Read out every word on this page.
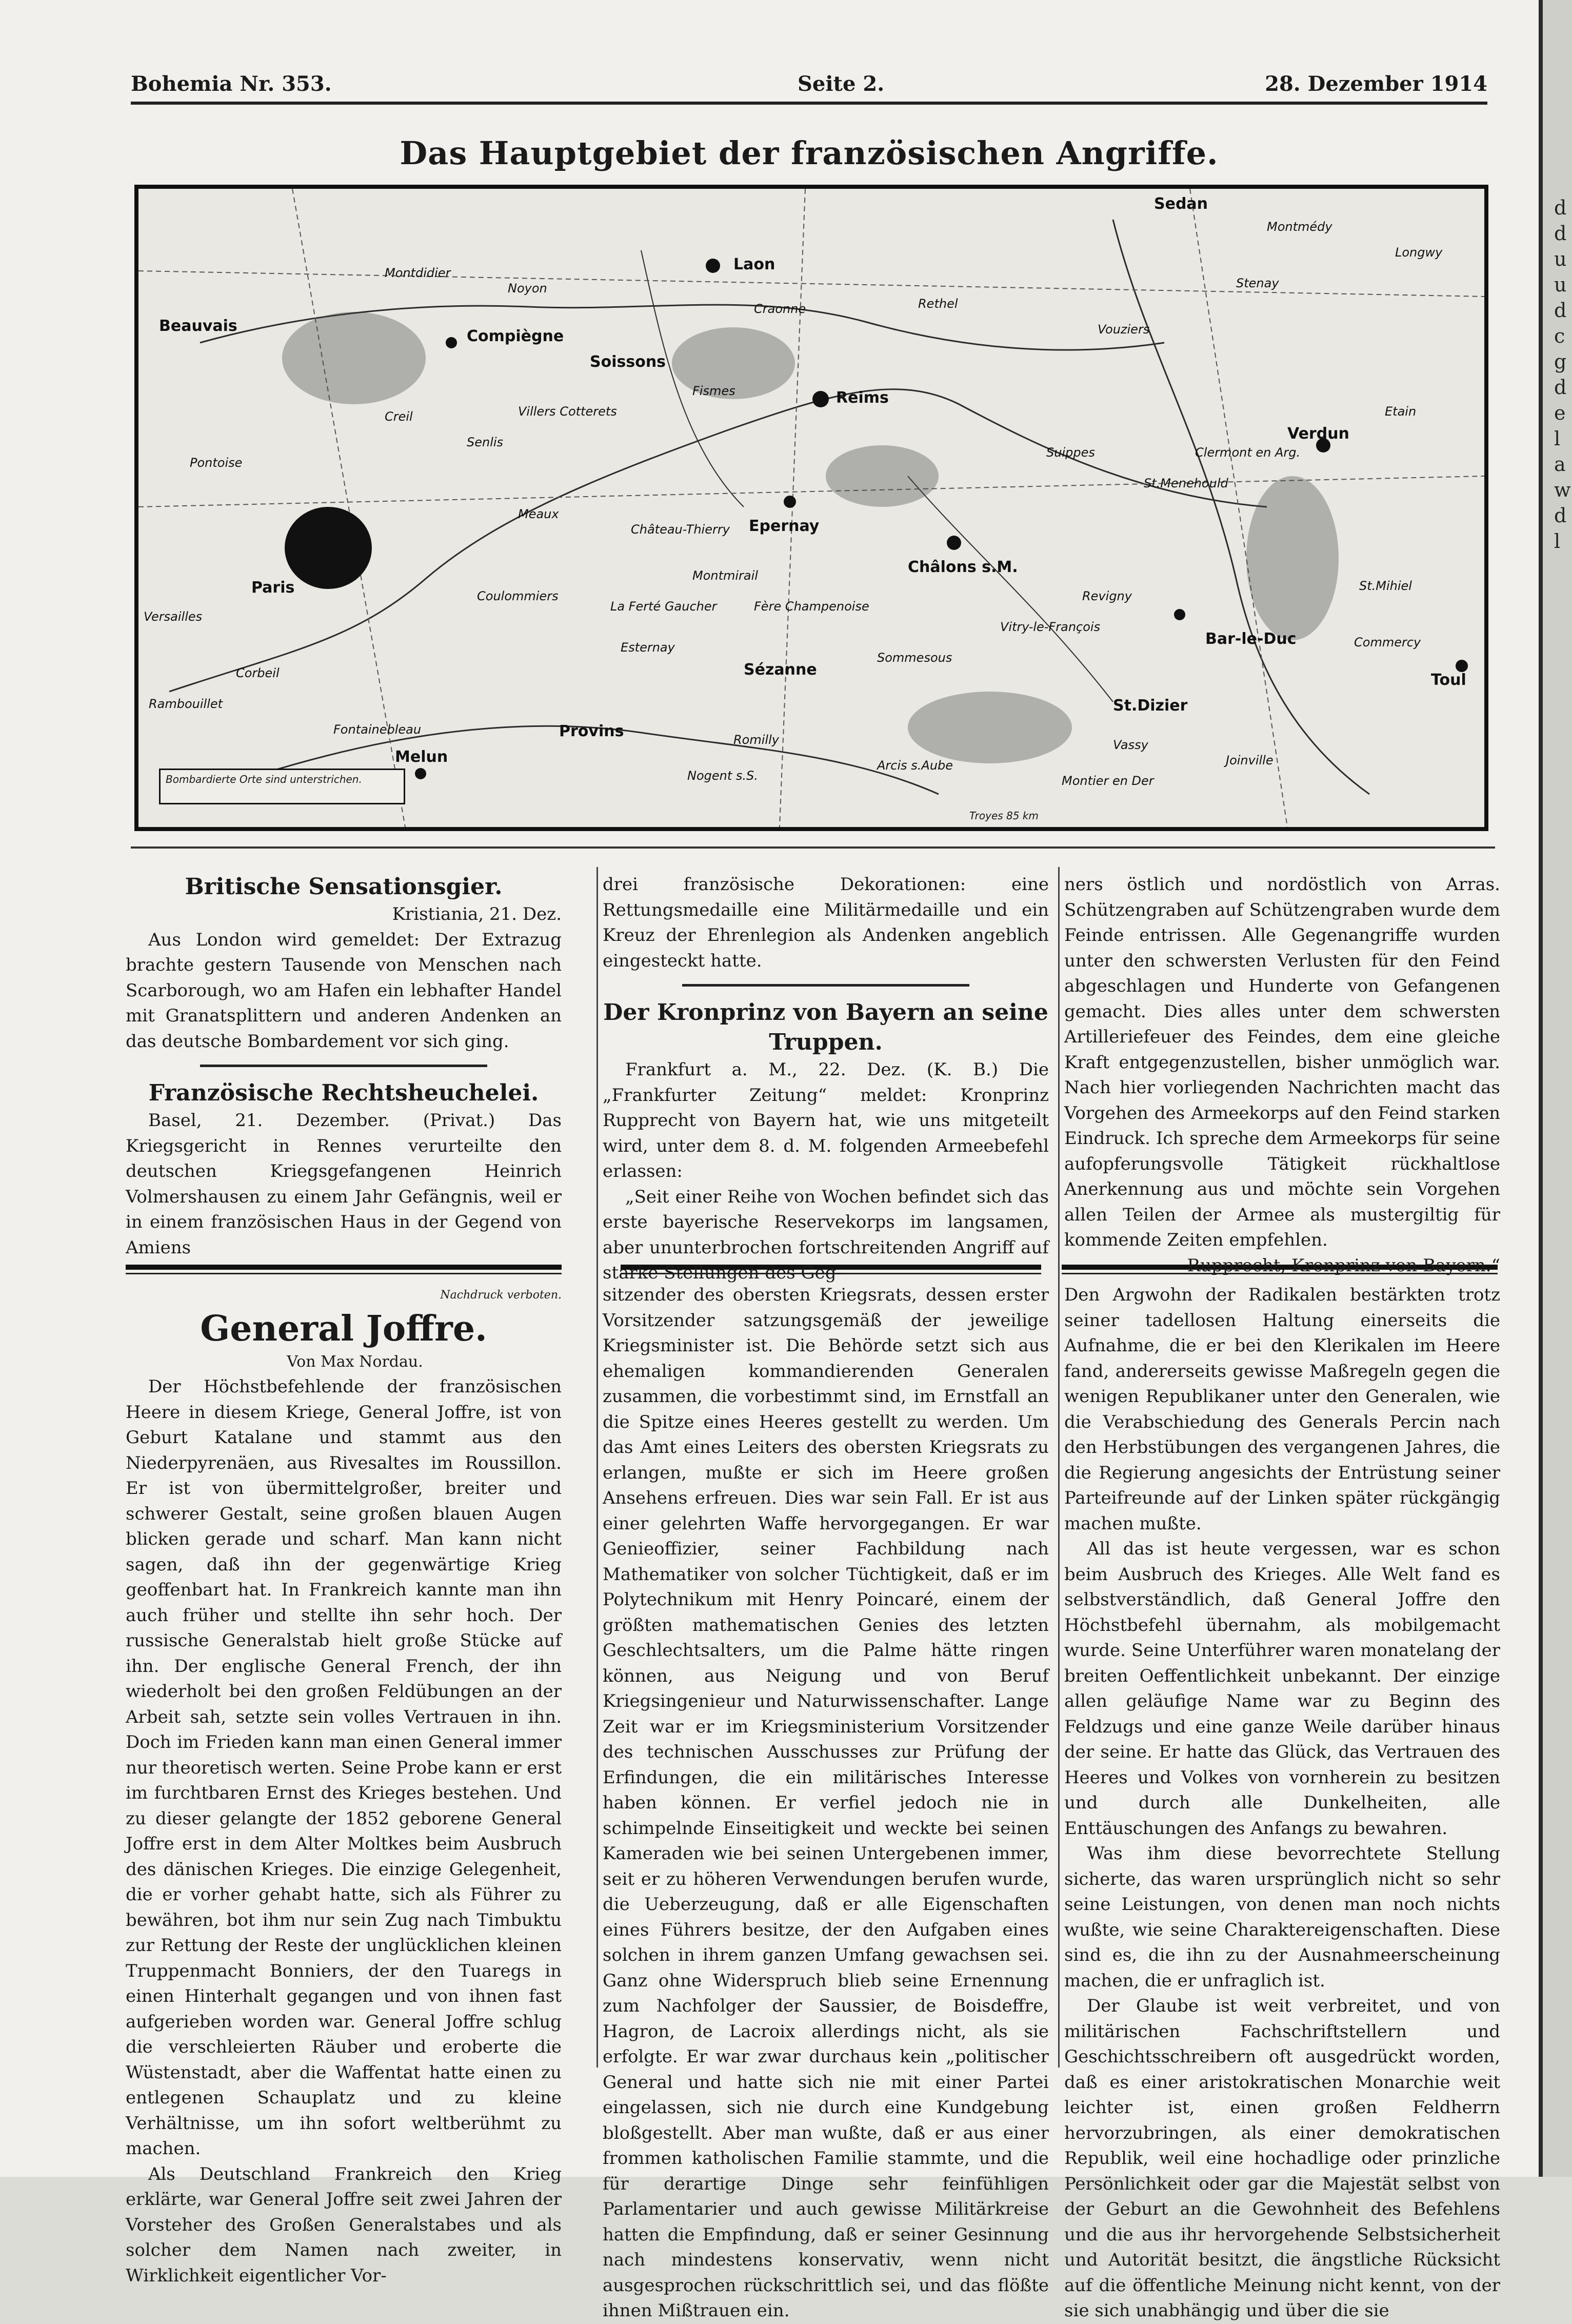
Bohemia Nr. 353.	Seite 2.	28. Dezember 1914
Das Hauptgebiet der französischen Angriffe.
Sedan
Montmédy
Longwy
Stenay
Laon
Rethel
Vouziers
Craonne
Montdidier
Noyon
Beauvais
Compiègne
Soissons
Fismes	Reims
Villers Cotterets
Creil
Senlis
Pontoise
Suippes
St.Menehould
Clermont en Arg.
Verdun
Etain
Meaux
Château-Thierry Epernay
Châlons s.M.
St.Mihiel
Paris
Versailles
Coulommiers
La Ferté Gaucher
Montmirail
Fère Champenoise
Vitry-le-François
Revigny
Bar-le-Duc	Commercy
Toul
Esternay
Sézanne
Sommesous
Corbeil
Rambouillet
Melun
Fontainebleau	Provins	Romilly
Nogent s.S.
Arcis s.Aube
St.Dizier
Vassy
Montier en Der
Joinville
Bombardierte Orte sind unterstrichen.
Troyes 85 km
Britische Sensationsgier.

Kristiania, 21. Dez.

Aus London wird gemeldet: Der Extrazug brachte gestern Tausende von Menschen nach Scarborough, wo am Hafen ein lebhafter Handel mit Granatsplittern und anderen Andenken an das deutsche Bombardement vor sich ging.

Französische Rechtsheuchelei.

Basel, 21. Dezember. (Privat.) Das Kriegsgericht in Rennes verurteilte den deutschen Kriegsgefangenen Heinrich Volmershausen zu einem Jahr Gefängnis, weil er in einem französischen Haus in der Gegend von Amiens

Nachdruck verboten.

General Joffre.

Von Max Nordau.

Der Höchstbefehlende der französischen Heere in diesem Kriege, General Joffre, ist von Geburt Katalane und stammt aus den Niederpyrenäen, aus Rivesaltes im Roussillon. Er ist von übermittelgroßer, breiter und schwerer Gestalt, seine großen blauen Augen blicken gerade und scharf. Man kann nicht sagen, daß ihn der gegenwärtige Krieg geoffenbart hat. In Frankreich kannte man ihn auch früher und stellte ihn sehr hoch. Der russische Generalstab hielt große Stücke auf ihn. Der englische General French, der ihn wiederholt bei den großen Feldübungen an der Arbeit sah, setzte sein volles Vertrauen in ihn. Doch im Frieden kann man einen General immer nur theoretisch werten. Seine Probe kann er erst im furchtbaren Ernst des Krieges bestehen. Und zu dieser gelangte der 1852 geborene General Joffre erst in dem Alter Moltkes beim Ausbruch des dänischen Krieges. Die einzige Gelegenheit, die er vorher gehabt hatte, sich als Führer zu bewähren, bot ihm nur sein Zug nach Timbuktu zur Rettung der Reste der unglücklichen kleinen Truppenmacht Bonniers, der den Tuaregs in einen Hinterhalt gegangen und von ihnen fast aufgerieben worden war. General Joffre schlug die verschleierten Räuber und eroberte die Wüstenstadt, aber die Waffentat hatte einen zu entlegenen Schauplatz und zu kleine Verhältnisse, um ihn sofort weltberühmt zu machen.

Als Deutschland Frankreich den Krieg erklärte, war General Joffre seit zwei Jahren der Vorsteher des Großen Generalstabes und als solcher dem Namen nach zweiter, in Wirklichkeit eigentlicher Vor-

drei französische Dekorationen: eine Rettungsmedaille eine Militärmedaille und ein Kreuz der Ehrenlegion als Andenken angeblich eingesteckt hatte.

Der Kronprinz von Bayern an seine Truppen.

Frankfurt a. M., 22. Dez. (K. B.) Die „Frankfurter Zeitung“ meldet: Kronprinz Rupprecht von Bayern hat, wie uns mitgeteilt wird, unter dem 8. d. M. folgenden Armeebefehl erlassen:

„Seit einer Reihe von Wochen befindet sich das erste bayerische Reservekorps im langsamen, aber ununterbrochen fortschreitenden Angriff auf starke Stellungen des Geg-

sitzender des obersten Kriegsrats, dessen erster Vorsitzender satzungsgemäß der jeweilige Kriegsminister ist. Die Behörde setzt sich aus ehemaligen kommandierenden Generalen zusammen, die vorbestimmt sind, im Ernstfall an die Spitze eines Heeres gestellt zu werden. Um das Amt eines Leiters des obersten Kriegsrats zu erlangen, mußte er sich im Heere großen Ansehens erfreuen. Dies war sein Fall. Er ist aus einer gelehrten Waffe hervorgegangen. Er war Genieoffizier, seiner Fachbildung nach Mathematiker von solcher Tüchtigkeit, daß er im Polytechnikum mit Henry Poincaré, einem der größten mathematischen Genies des letzten Geschlechtsalters, um die Palme hätte ringen können, aus Neigung und von Beruf Kriegsingenieur und Naturwissenschafter. Lange Zeit war er im Kriegsministerium Vorsitzender des technischen Ausschusses zur Prüfung der Erfindungen, die ein militärisches Interesse haben können. Er verfiel jedoch nie in schimpelnde Einseitigkeit und weckte bei seinen Kameraden wie bei seinen Untergebenen immer, seit er zu höheren Verwendungen berufen wurde, die Ueberzeugung, daß er alle Eigenschaften eines Führers besitze, der den Aufgaben eines solchen in ihrem ganzen Umfang gewachsen sei. Ganz ohne Widerspruch blieb seine Ernennung zum Nachfolger der Saussier, de Boisdeffre, Hagron, de Lacroix allerdings nicht, als sie erfolgte. Er war zwar durchaus kein „politischer General und hatte sich nie mit einer Partei eingelassen, sich nie durch eine Kundgebung bloßgestellt. Aber man wußte, daß er aus einer frommen katholischen Familie stammte, und die für derartige Dinge sehr feinfühligen Parlamentarier und auch gewisse Militärkreise hatten die Empfindung, daß er seiner Gesinnung nach mindestens konservativ, wenn nicht ausgesprochen rückschrittlich sei, und das flößte ihnen Mißtrauen ein.

ners östlich und nordöstlich von Arras. Schützengraben auf Schützengraben wurde dem Feinde entrissen. Alle Gegenangriffe wurden unter den schwersten Verlusten für den Feind abgeschlagen und Hunderte von Gefangenen gemacht. Dies alles unter dem schwersten Artilleriefeuer des Feindes, dem eine gleiche Kraft entgegenzustellen, bisher unmöglich war. Nach hier vorliegenden Nachrichten macht das Vorgehen des Armeekorps auf den Feind starken Eindruck. Ich spreche dem Armeekorps für seine aufopferungsvolle Tätigkeit rückhaltlose Anerkennung aus und möchte sein Vorgehen allen Teilen der Armee als mustergiltig für kommende Zeiten empfehlen.

Rupprecht, Kronprinz von Bayern.“

Den Argwohn der Radikalen bestärkten trotz seiner tadellosen Haltung einerseits die Aufnahme, die er bei den Klerikalen im Heere fand, andererseits gewisse Maßregeln gegen die wenigen Republikaner unter den Generalen, wie die Verabschiedung des Generals Percin nach den Herbstübungen des vergangenen Jahres, die die Regierung angesichts der Entrüstung seiner Parteifreunde auf der Linken später rückgängig machen mußte.

All das ist heute vergessen, war es schon beim Ausbruch des Krieges. Alle Welt fand es selbstverständlich, daß General Joffre den Höchstbefehl übernahm, als mobilgemacht wurde. Seine Unterführer waren monatelang der breiten Oeffentlichkeit unbekannt. Der einzige allen geläufige Name war zu Beginn des Feldzugs und eine ganze Weile darüber hinaus der seine. Er hatte das Glück, das Vertrauen des Heeres und Volkes von vornherein zu besitzen und durch alle Dunkelheiten, alle Enttäuschungen des Anfangs zu bewahren.

Was ihm diese bevorrechtete Stellung sicherte, das waren ursprünglich nicht so sehr seine Leistungen, von denen man noch nichts wußte, wie seine Charaktereigenschaften. Diese sind es, die ihn zu der Ausnahmeerscheinung machen, die er unfraglich ist.

Der Glaube ist weit verbreitet, und von militärischen Fachschriftstellern und Geschichtsschreibern oft ausgedrückt worden, daß es einer aristokratischen Monarchie weit leichter ist, einen großen Feldherrn hervorzubringen, als einer demokratischen Republik, weil eine hochadlige oder prinzliche Persönlichkeit oder gar die Majestät selbst von der Geburt an die Gewohnheit des Befehlens und die aus ihr hervorgehende Selbstsicherheit und Autorität besitzt, die ängstliche Rücksicht auf die öffentliche Meinung nicht kennt, von der sie sich unabhängig und über die sie

d
d
u
u
d
c
g
d
e
l
a
w
d
l
